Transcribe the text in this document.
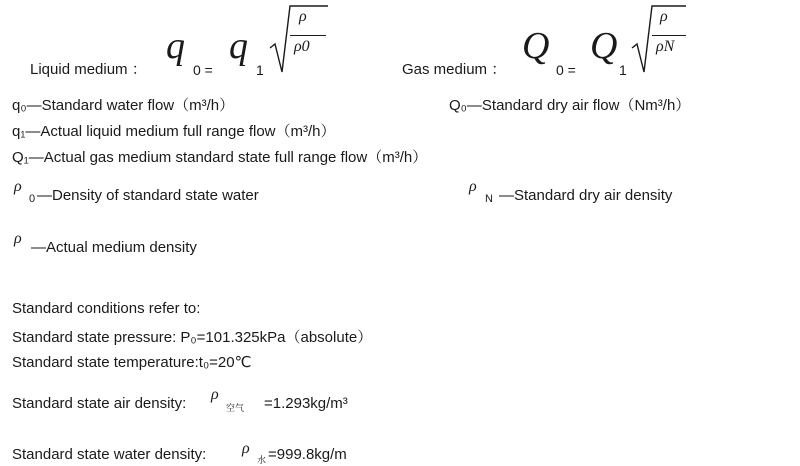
Liquid medium ：
q
0 =
q
1
ρ
ρ0
Gas medium ：
Q
0 =
Q
1
ρ
ρN
q₀—Standard water flow（m³/h）	Q₀—Standard dry air flow（Nm³/h）
q₁—Actual liquid medium full range flow（m³/h）
Q₁—Actual gas medium standard state full range flow（m³/h）
ρ
0 —Density of standard state water
ρ
N —Standard dry air density
ρ
—Actual medium density
Standard conditions refer to:
Standard state pressure: P₀=101.325kPa（absolute）
Standard state temperature:t₀=20℃
Standard state air density:
ρ
空气 =1.293kg/m³
Standard state water density: ρ
水 =999.8kg/m
